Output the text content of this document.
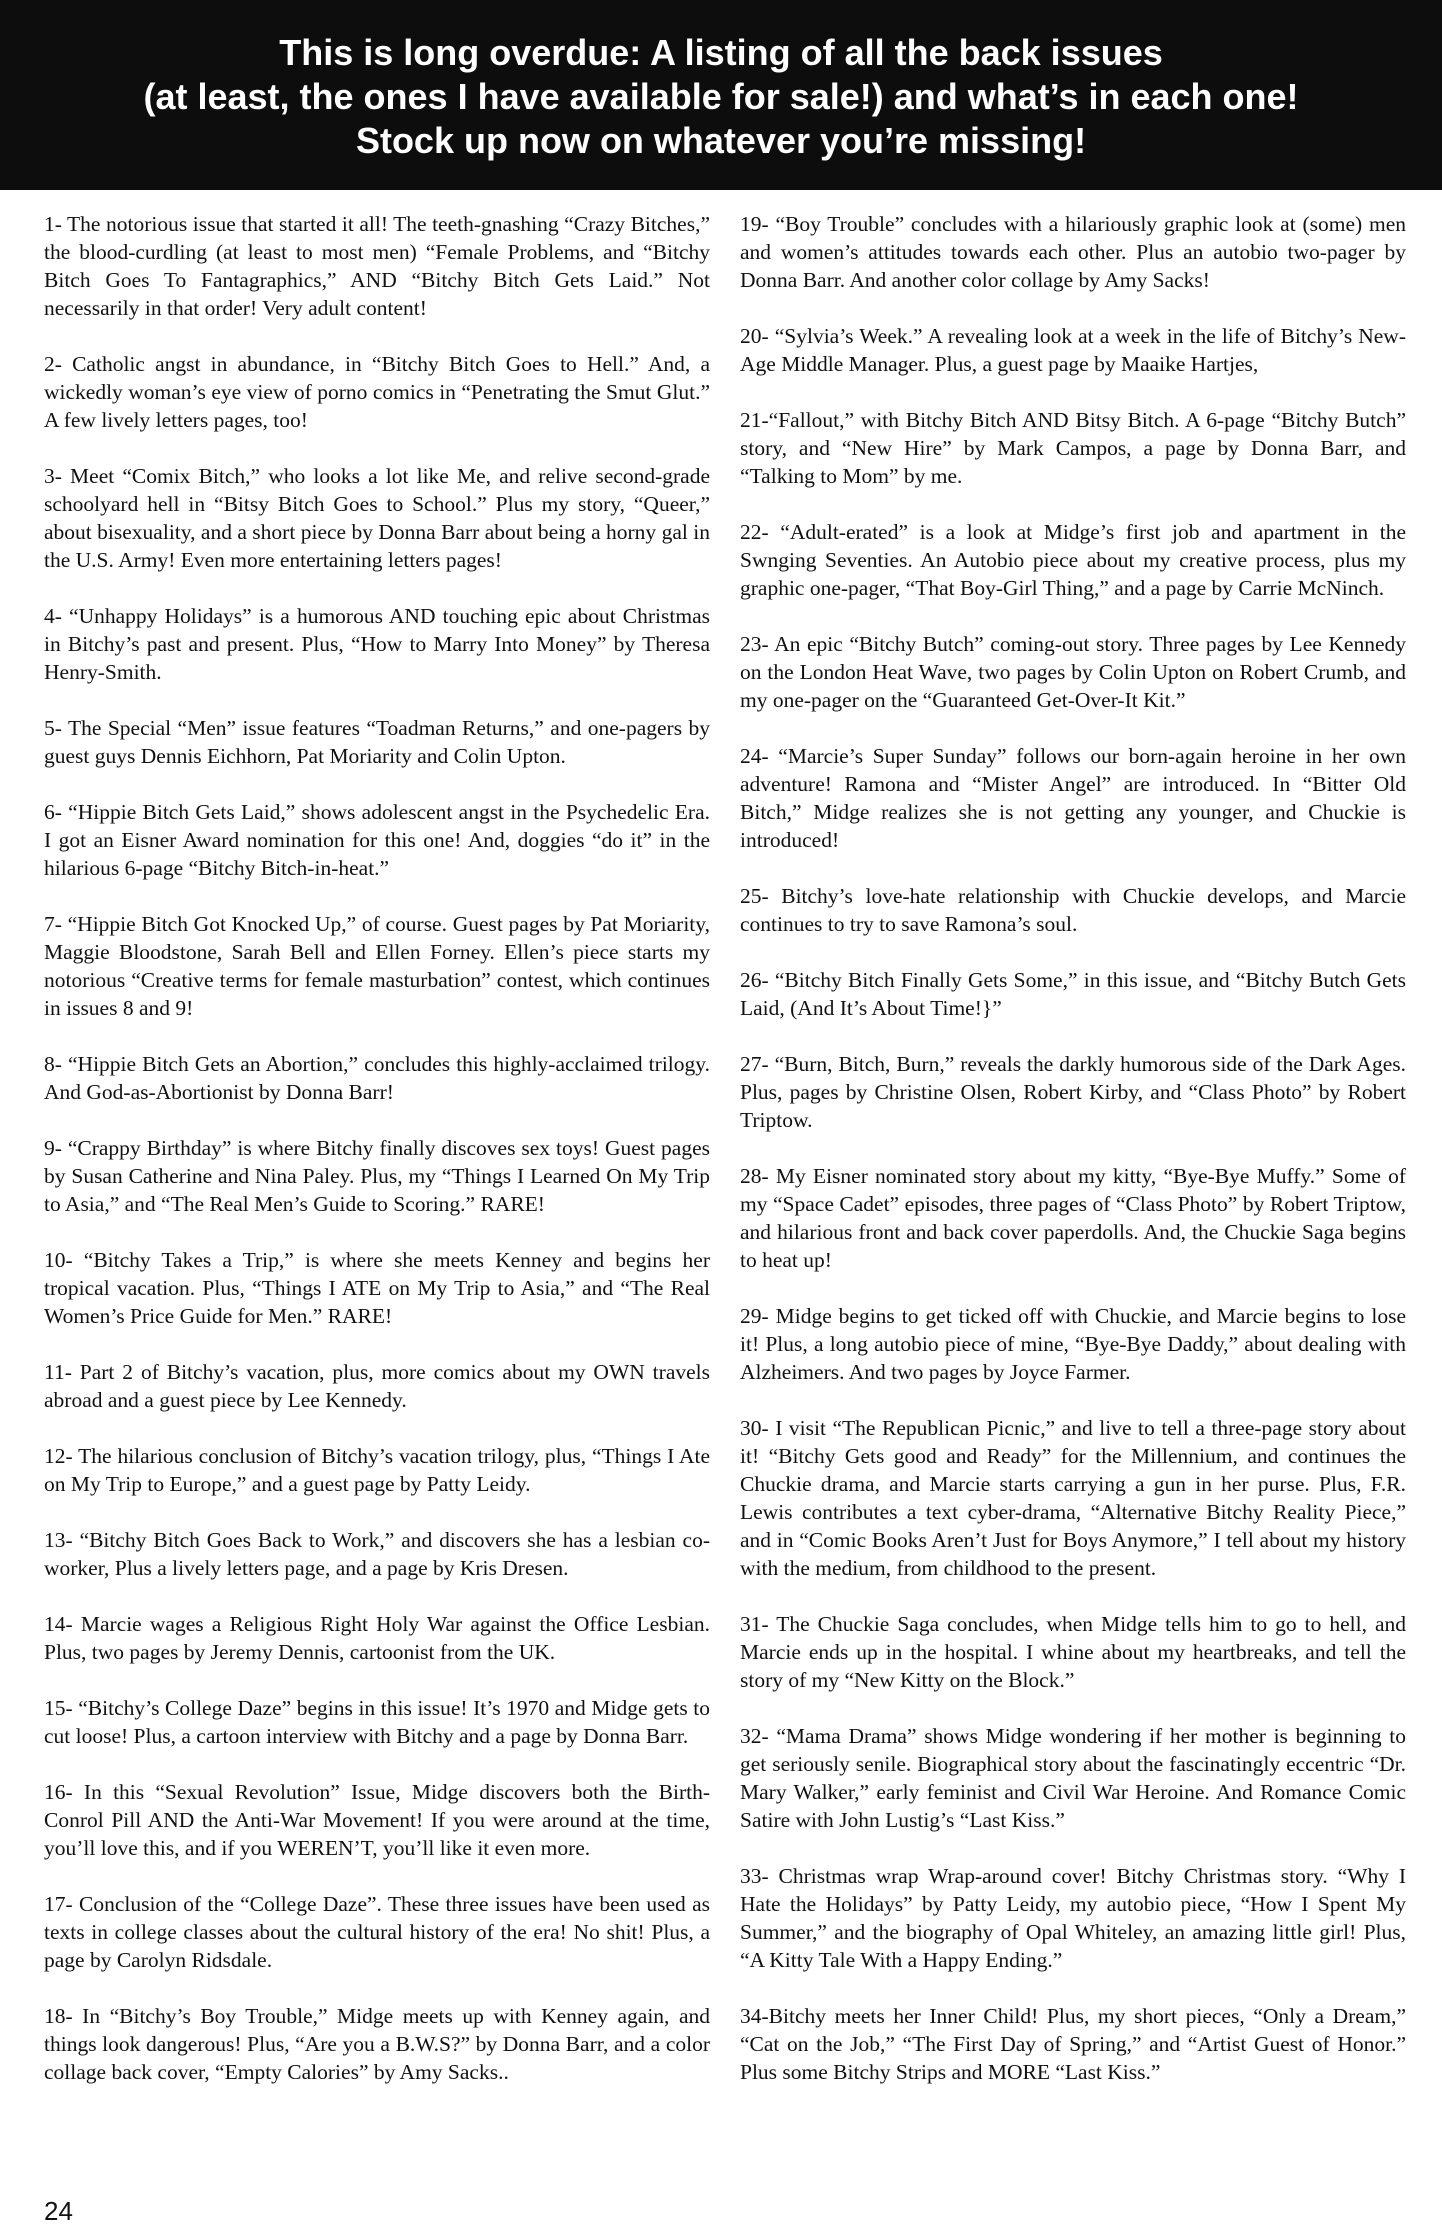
This is long overdue: A listing of all the back issues
(at least, the ones I have available for sale!) and what’s in each one!
Stock up now on whatever you’re missing!

1- The notorious issue that started it all! The teeth-gnashing “Crazy Bitches,” the blood-curdling (at least to most men) “Female Problems, and “Bitchy Bitch Goes To Fantagraphics,” AND “Bitchy Bitch Gets Laid.” Not necessarily in that order! Very adult content!

2- Catholic angst in abundance, in “Bitchy Bitch Goes to Hell.” And, a wickedly woman’s eye view of porno comics in “Penetrating the Smut Glut.” A few lively letters pages, too!

3- Meet “Comix Bitch,” who looks a lot like Me, and relive second-grade schoolyard hell in “Bitsy Bitch Goes to School.” Plus my story, “Queer,” about bisexuality, and a short piece by Donna Barr about being a horny gal in the U.S. Army! Even more entertaining letters pages!

4- “Unhappy Holidays” is a humorous AND touching epic about Christmas in Bitchy’s past and present. Plus, “How to Marry Into Money” by Theresa Henry-Smith.

5- The Special “Men” issue features “Toadman Returns,” and one-pagers by guest guys Dennis Eichhorn, Pat Moriarity and Colin Upton.

6- “Hippie Bitch Gets Laid,” shows adolescent angst in the Psychedelic Era. I got an Eisner Award nomination for this one! And, doggies “do it” in the hilarious 6-page “Bitchy Bitch-in-heat.”

7- “Hippie Bitch Got Knocked Up,” of course. Guest pages by Pat Moriarity, Maggie Bloodstone, Sarah Bell and Ellen Forney. Ellen’s piece starts my notorious “Creative terms for female masturbation” contest, which continues in issues 8 and 9!

8- “Hippie Bitch Gets an Abortion,” concludes this highly-acclaimed trilogy. And God-as-Abortionist by Donna Barr!

9- “Crappy Birthday” is where Bitchy finally discoves sex toys! Guest pages by Susan Catherine and Nina Paley. Plus, my “Things I Learned On My Trip to Asia,” and “The Real Men’s Guide to Scoring.” RARE!

10- “Bitchy Takes a Trip,” is where she meets Kenney and begins her tropical vacation. Plus, “Things I ATE on My Trip to Asia,” and “The Real Women’s Price Guide for Men.” RARE!

11- Part 2 of Bitchy’s vacation, plus, more comics about my OWN travels abroad and a guest piece by Lee Kennedy.

12- The hilarious conclusion of Bitchy’s vacation trilogy, plus, “Things I Ate on My Trip to Europe,” and a guest page by Patty Leidy.

13- “Bitchy Bitch Goes Back to Work,” and discovers she has a lesbian co-worker, Plus a lively letters page, and a page by Kris Dresen.

14- Marcie wages a Religious Right Holy War against the Office Lesbian. Plus, two pages by Jeremy Dennis, cartoonist from the UK.

15- “Bitchy’s College Daze” begins in this issue! It’s 1970 and Midge gets to cut loose! Plus, a cartoon interview with Bitchy and a page by Donna Barr.

16- In this “Sexual Revolution” Issue, Midge discovers both the Birth-Conrol Pill AND the Anti-War Movement! If you were around at the time, you’ll love this, and if you WEREN’T, you’ll like it even more.

17- Conclusion of the “College Daze”. These three issues have been used as texts in college classes about the cultural history of the era! No shit! Plus, a page by Carolyn Ridsdale.

18- In “Bitchy’s Boy Trouble,” Midge meets up with Kenney again, and things look dangerous! Plus, “Are you a B.W.S?” by Donna Barr, and a color collage back cover, “Empty Calories” by Amy Sacks..

19- “Boy Trouble” concludes with a hilariously graphic look at (some) men and women’s attitudes towards each other. Plus an autobio two-pager by Donna Barr. And another color collage by Amy Sacks!

20- “Sylvia’s Week.” A revealing look at a week in the life of Bitchy’s New-Age Middle Manager. Plus, a guest page by Maaike Hartjes,

21-“Fallout,” with Bitchy Bitch AND Bitsy Bitch. A 6-page “Bitchy Butch” story, and “New Hire” by Mark Campos, a page by Donna Barr, and “Talking to Mom” by me.

22- “Adult-erated” is a look at Midge’s first job and apartment in the Swnging Seventies. An Autobio piece about my creative process, plus my graphic one-pager, “That Boy-Girl Thing,” and a page by Carrie McNinch.

23- An epic “Bitchy Butch” coming-out story. Three pages by Lee Kennedy on the London Heat Wave, two pages by Colin Upton on Robert Crumb, and my one-pager on the “Guaranteed Get-Over-It Kit.”

24- “Marcie’s Super Sunday” follows our born-again heroine in her own adventure! Ramona and “Mister Angel” are introduced. In “Bitter Old Bitch,” Midge realizes she is not getting any younger, and Chuckie is introduced!

25- Bitchy’s love-hate relationship with Chuckie develops, and Marcie continues to try to save Ramona’s soul.

26- “Bitchy Bitch Finally Gets Some,” in this issue, and “Bitchy Butch Gets Laid, (And It’s About Time!}”

27- “Burn, Bitch, Burn,” reveals the darkly humorous side of the Dark Ages. Plus, pages by Christine Olsen, Robert Kirby, and “Class Photo” by Robert Triptow.

28- My Eisner nominated story about my kitty, “Bye-Bye Muffy.” Some of my “Space Cadet” episodes, three pages of “Class Photo” by Robert Triptow, and hilarious front and back cover paperdolls. And, the Chuckie Saga begins to heat up!

29- Midge begins to get ticked off with Chuckie, and Marcie begins to lose it! Plus, a long autobio piece of mine, “Bye-Bye Daddy,” about dealing with Alzheimers. And two pages by Joyce Farmer.

30- I visit “The Republican Picnic,” and live to tell a three-page story about it! “Bitchy Gets good and Ready” for the Millennium, and continues the Chuckie drama, and Marcie starts carrying a gun in her purse. Plus, F.R. Lewis contributes a text cyber-drama, “Alternative Bitchy Reality Piece,” and in “Comic Books Aren’t Just for Boys Anymore,” I tell about my history with the medium, from childhood to the present.

31- The Chuckie Saga concludes, when Midge tells him to go to hell, and Marcie ends up in the hospital. I whine about my heartbreaks, and tell the story of my “New Kitty on the Block.”

32- “Mama Drama” shows Midge wondering if her mother is beginning to get seriously senile. Biographical story about the fascinatingly eccentric “Dr. Mary Walker,” early feminist and Civil War Heroine. And Romance Comic Satire with John Lustig’s “Last Kiss.”

33- Christmas wrap Wrap-around cover! Bitchy Christmas story. “Why I Hate the Holidays” by Patty Leidy, my autobio piece, “How I Spent My Summer,” and the biography of Opal Whiteley, an amazing little girl! Plus, “A Kitty Tale With a Happy Ending.”

34-Bitchy meets her Inner Child! Plus, my short pieces, “Only a Dream,” “Cat on the Job,” “The First Day of Spring,” and “Artist Guest of Honor.” Plus some Bitchy Strips and MORE “Last Kiss.”

24
